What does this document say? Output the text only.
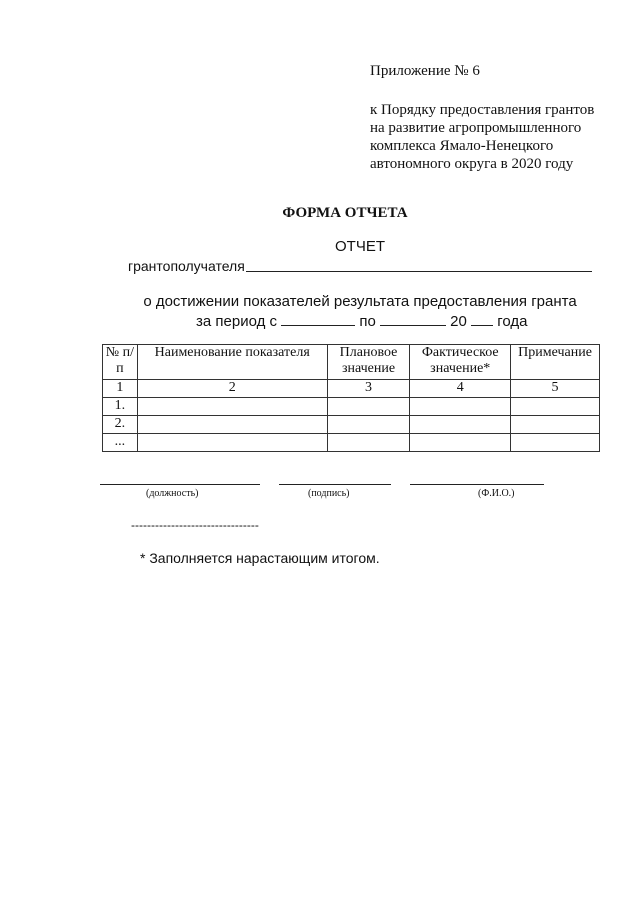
Приложение № 6
к Порядку предоставления грантов
на развитие агропромышленного
комплекса Ямало-Ненецкого
автономного округа в 2020 году
ФОРМА ОТЧЕТА
ОТЧЕТ
грантополучателя
о достижении показателей результата предоставления гранта
за период с	по	20 года
№ п/п	Наименование показателя	Плановое значение	Фактическое значение*	Примечание
1	2	3	4	5
1.				
2.				
...				
(должность)	(подпись)	(Ф.И.О.)
--------------------------------
* Заполняется нарастающим итогом.
